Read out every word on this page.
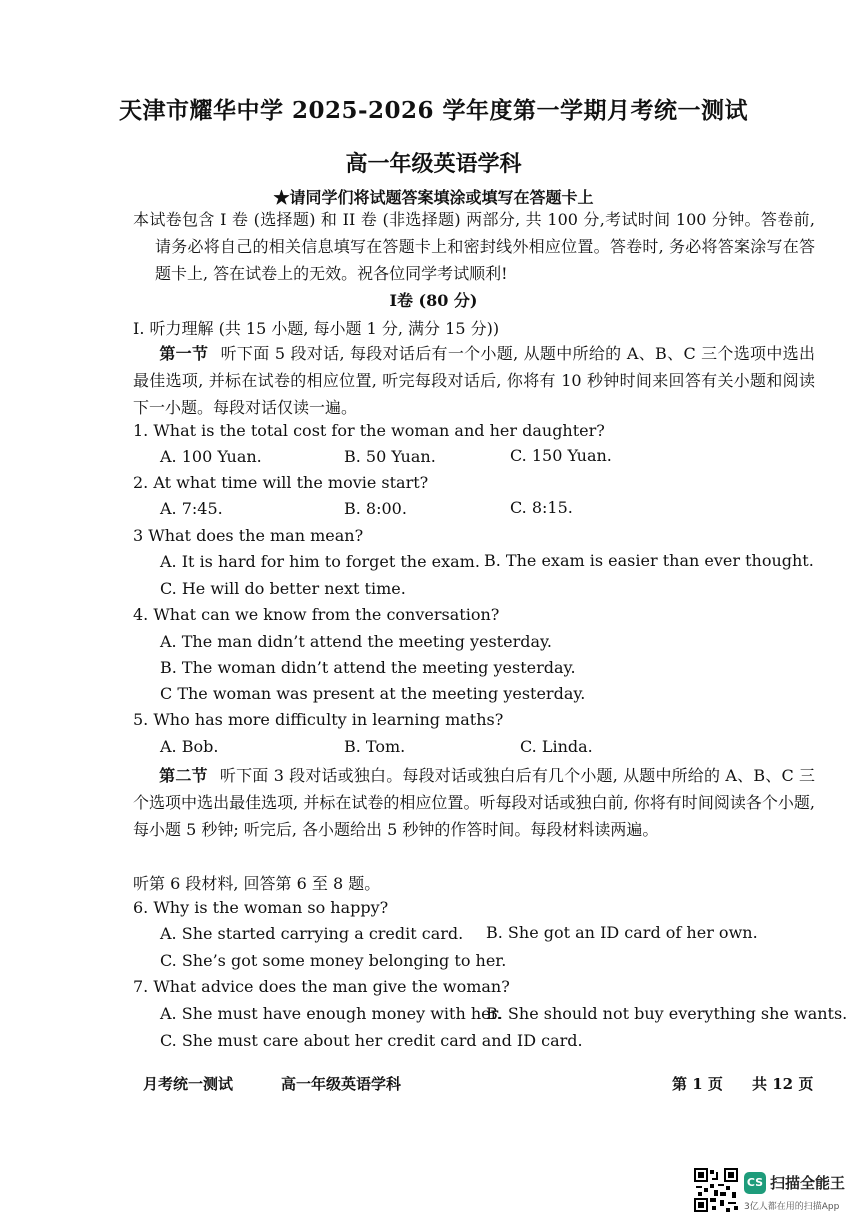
天津市耀华中学 2025-2026 学年度第一学期月考统一测试
高一年级英语学科
★请同学们将试题答案填涂或填写在答题卡上
本试卷包含 I 卷 (选择题) 和 II 卷 (非选择题) 两部分, 共 100 分,考试时间 100 分钟。答卷前, 请务必将自己的相关信息填写在答题卡上和密封线外相应位置。答卷时, 务必将答案涂写在答题卡上, 答在试卷上的无效。祝各位同学考试顺利!
I卷 (80 分)
I. 听力理解 (共 15 小题, 每小题 1 分, 满分 15 分))
第一节 听下面 5 段对话, 每段对话后有一个小题, 从题中所给的 A、B、C 三个选项中选出最佳选项, 并标在试卷的相应位置, 听完每段对话后, 你将有 10 秒钟时间来回答有关小题和阅读下一小题。每段对话仅读一遍。
1. What is the total cost for the woman and her daughter?
A. 100 Yuan.	B. 50 Yuan.	C. 150 Yuan.
2. At what time will the movie start?
A. 7:45.	B. 8:00.	C. 8:15.
3 What does the man mean?
A. It is hard for him to forget the exam. B. The exam is easier than ever thought.
C. He will do better next time.
4. What can we know from the conversation?
A. The man didn’t attend the meeting yesterday.
B. The woman didn’t attend the meeting yesterday.
C The woman was present at the meeting yesterday.
5. Who has more difficulty in learning maths?
A. Bob.	B. Tom.	C. Linda.
第二节 听下面 3 段对话或独白。每段对话或独白后有几个小题, 从题中所给的 A、B、C 三个选项中选出最佳选项, 并标在试卷的相应位置。听每段对话或独白前, 你将有时间阅读各个小题, 每小题 5 秒钟; 听完后, 各小题给出 5 秒钟的作答时间。每段材料读两遍。
听第 6 段材料, 回答第 6 至 8 题。
6. Why is the woman so happy?
A. She started carrying a credit card. B. She got an ID card of her own.
C. She’s got some money belonging to her.
7. What advice does the man give the woman?
A. She must have enough money with her.
B. She should not buy everything she wants.
C. She must care about her credit card and ID card.
月考统一测试	高一年级英语学科	第 1 页 共 12 页
CS 扫描全能王
3亿人都在用的扫描App
